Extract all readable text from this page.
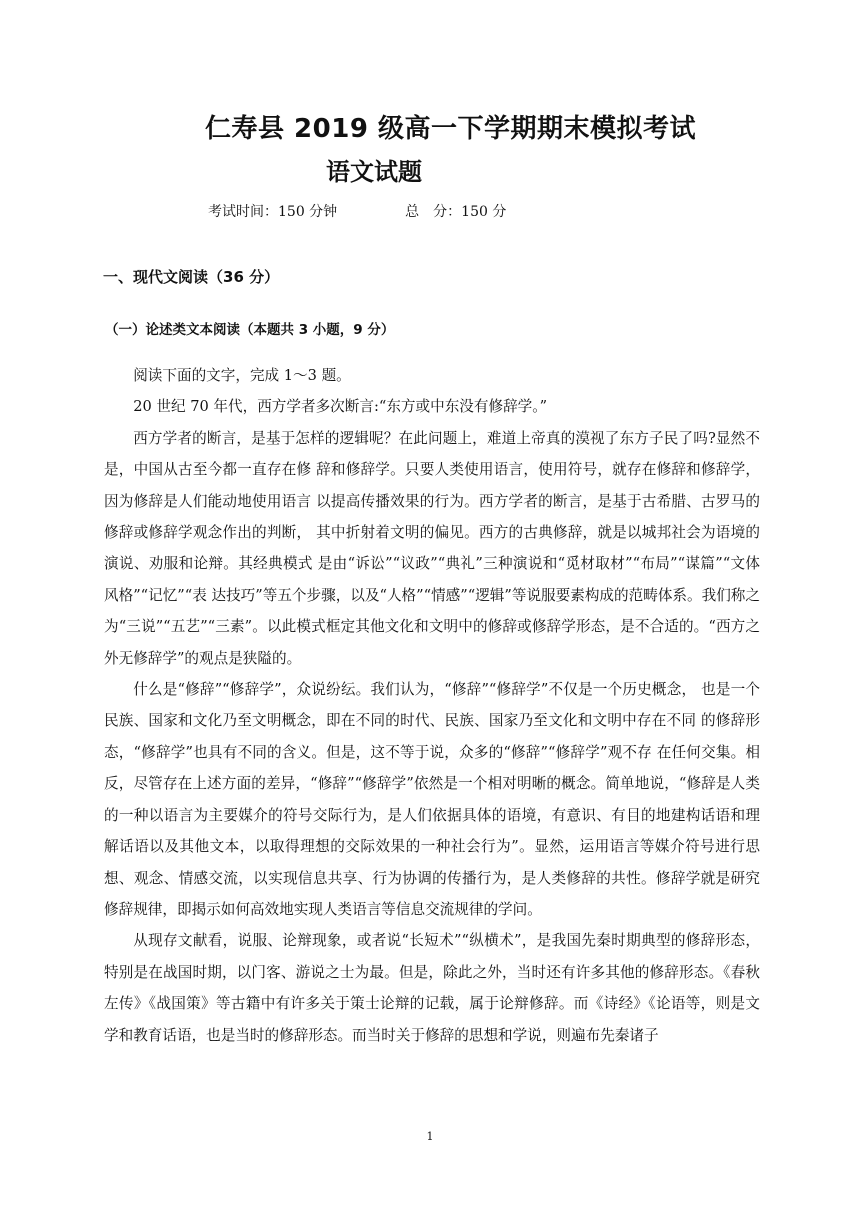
仁寿县 2019 级高一下学期期末模拟考试
语文试题
考试时间：150 分钟	总　分：150 分
一、现代文阅读（36 分）
（一）论述类文本阅读（本题共 3 小题，9 分）

阅读下面的文字，完成 1～3 题。

20 世纪 70 年代，西方学者多次断言:“东方或中东没有修辞学。”

西方学者的断言，是基于怎样的逻辑呢？在此问题上，难道上帝真的漠视了东方子民了吗?显然不是，中国从古至今都一直存在修 辞和修辞学。只要人类使用语言，使用符号，就存在修辞和修辞学，因为修辞是人们能动地使用语言 以提高传播效果的行为。西方学者的断言，是基于古希腊、古罗马的修辞或修辞学观念作出的判断， 其中折射着文明的偏见。西方的古典修辞，就是以城邦社会为语境的演说、劝服和论辩。其经典模式 是由“诉讼”“议政”“典礼”三种演说和“觅材取材”“布局”“谋篇”“文体风格”“记忆”“表 达技巧”等五个步骤，以及“人格”“情感”“逻辑”等说服要素构成的范畴体系。我们称之为“三说”“五艺”“三素”。以此模式框定其他文化和文明中的修辞或修辞学形态，是不合适的。“西方之外无修辞学”的观点是狭隘的。

什么是“修辞”“修辞学”，众说纷纭。我们认为，“修辞”“修辞学”不仅是一个历史概念， 也是一个民族、国家和文化乃至文明概念，即在不同的时代、民族、国家乃至文化和文明中存在不同 的修辞形态，“修辞学”也具有不同的含义。但是，这不等于说，众多的“修辞”“修辞学”观不存 在任何交集。相反，尽管存在上述方面的差异，“修辞”“修辞学”依然是一个相对明晰的概念。简单地说，“修辞是人类的一种以语言为主要媒介的符号交际行为，是人们依据具体的语境，有意识、有目的地建构话语和理解话语以及其他文本，以取得理想的交际效果的一种社会行为”。显然，运用语言等媒介符号进行思想、观念、情感交流，以实现信息共享、行为协调的传播行为，是人类修辞的共性。修辞学就是研究修辞规律，即揭示如何高效地实现人类语言等信息交流规律的学问。

从现存文献看，说服、论辩现象，或者说“长短术”“纵横术”，是我国先秦时期典型的修辞形态，特别是在战国时期，以门客、游说之士为最。但是，除此之外，当时还有许多其他的修辞形态。《春秋左传》《战国策》等古籍中有许多关于策士论辩的记载，属于论辩修辞。而《诗经》《论语等，则是文学和教育话语，也是当时的修辞形态。而当时关于修辞的思想和学说，则遍布先秦诸子

1
